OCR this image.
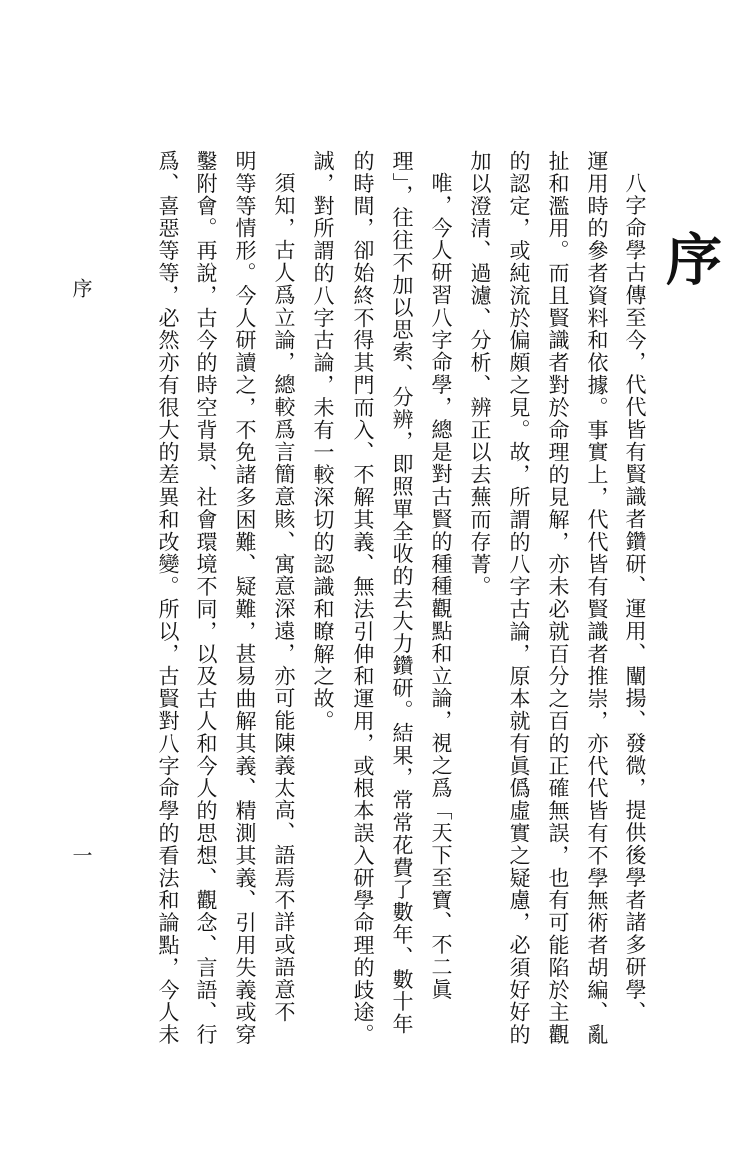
序
八字命學古傳至今，代代皆有賢識者鑽研、運用、闡揚、發微，提供後學者諸多研學、
運用時的參者資料和依據。事實上，代代皆有賢識者推崇，亦代代皆有不學無術者胡編、亂
扯和濫用。而且賢識者對於命理的見解，亦未必就百分之百的正確無誤，也有可能陷於主觀
的認定，或純流於偏頗之見。故，所謂的八字古論，原本就有眞僞虛實之疑慮，必須好好的
加以澄清、過濾、分析、辨正以去蕪而存菁。
唯，今人研習八字命學，總是對古賢的種種觀點和立論，視之爲「天下至寶、不二眞
理」，往往不加以思索、分辨，即照單全收的去大力鑽研。結果，常常花費了數年、數十年
的時間，卻始終不得其門而入、不解其義、無法引伸和運用，或根本誤入研學命理的歧途。
誠，對所謂的八字古論，未有一較深切的認識和瞭解之故。
須知，古人爲立論，總較爲言簡意賅、寓意深遠，亦可能陳義太高、語焉不詳或語意不
明等等情形。今人研讀之，不免諸多困難、疑難，甚易曲解其義、精測其義、引用失義或穿
鑿附會。再說，古今的時空背景、社會環境不同，以及古人和今人的思想、觀念、言語、行
爲、喜惡等等，必然亦有很大的差異和改變。所以，古賢對八字命學的看法和論點，今人未
序
一
